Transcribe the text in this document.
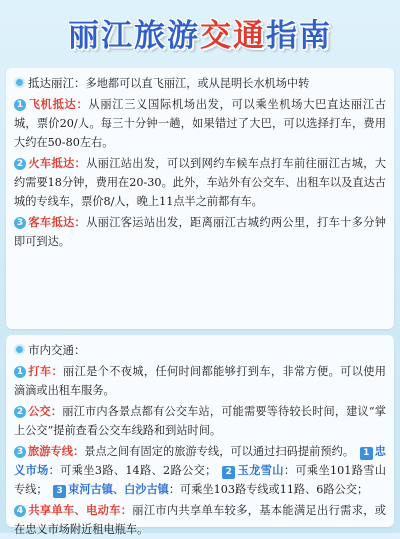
丽江旅游交通指南

抵达丽江：多地都可以直飞丽江，或从昆明长水机场中转

1 飞机抵达：从丽江三义国际机场出发，可以乘坐机场大巴直达丽江古城，票价20/人。每三十分钟一趟，如果错过了大巴，可以选择打车，费用大约在50-80左右。

2 火车抵达：从丽江站出发，可以到网约车候车点打车前往丽江古城，大约需要18分钟，费用在20-30。此外，车站外有公交车、出租车以及直达古城的专线车，票价8/人，晚上11点半之前都有车。

3 客车抵达：从丽江客运站出发，距离丽江古城约两公里，打车十多分钟即可到达。

市内交通：

1 打车：丽江是个不夜城，任何时间都能够打到车，非常方便。可以使用滴滴或出租车服务。

2 公交：丽江市内各景点都有公交车站，可能需要等待较长时间，建议“掌上公交”提前查看公交车线路和到站时间。

3 旅游专线：景点之间有固定的旅游专线，可以通过扫码提前预约。 1 忠义市场：可乘坐3路、14路、2路公交； 2 玉龙雪山：可乘坐101路雪山专线； 3 束河古镇、白沙古镇：可乘坐103路专线或11路、6路公交；

4 共享单车、电动车：丽江市内共享单车较多，基本能满足出行需求，或在忠义市场附近租电瓶车。
